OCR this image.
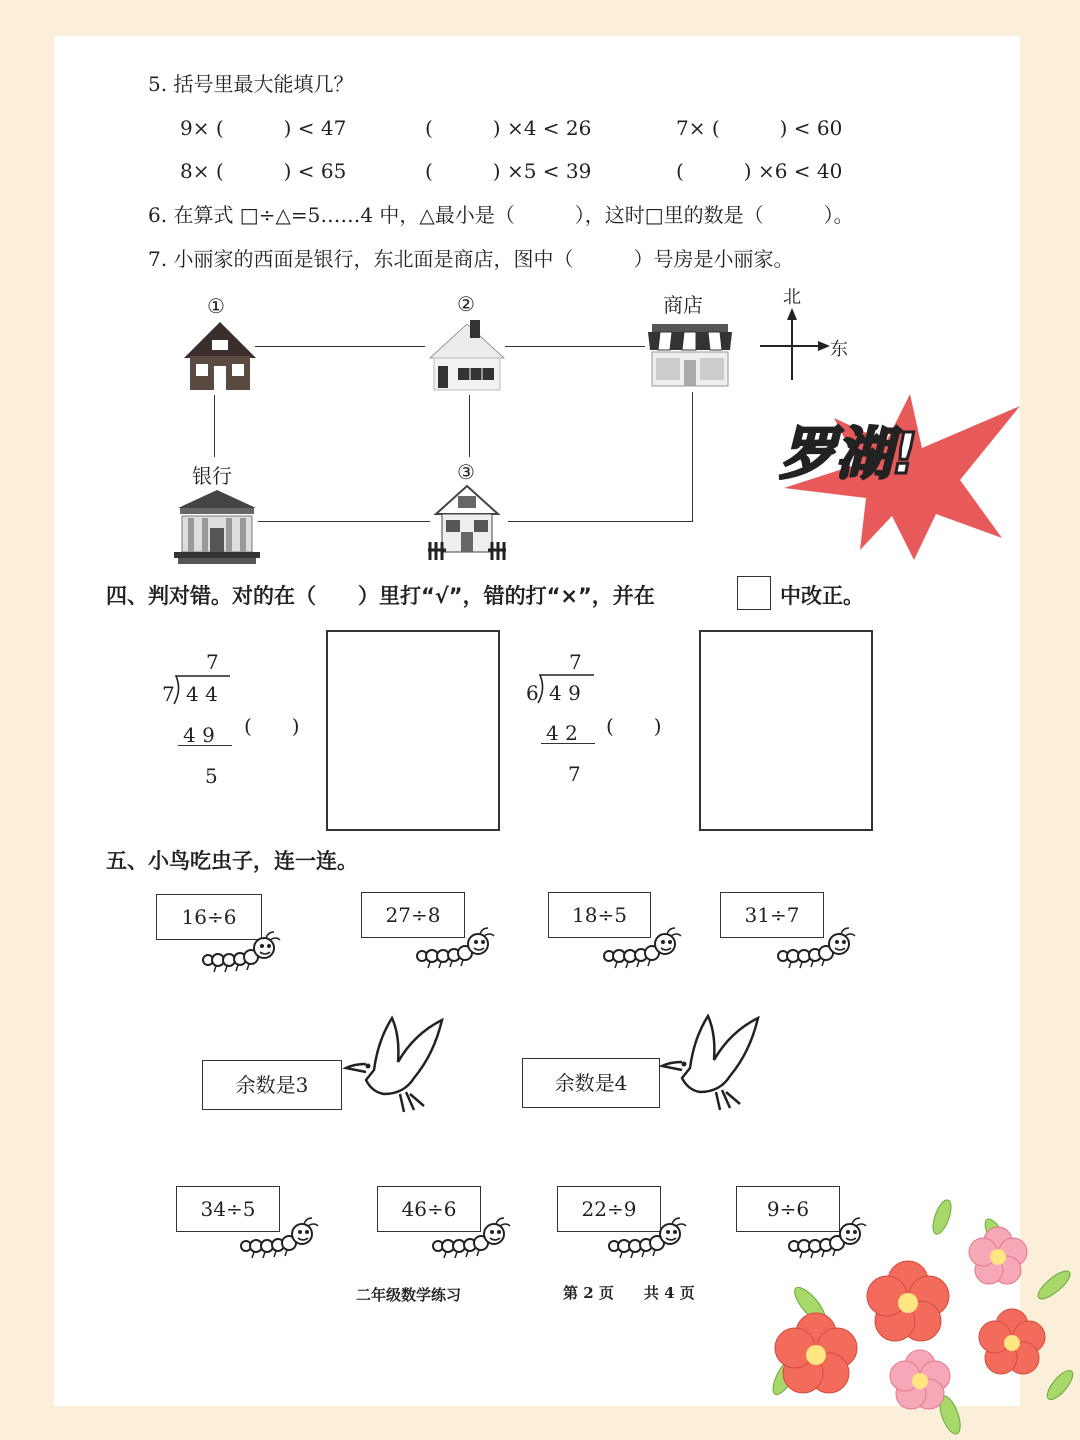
5. 括号里最大能填几？
9× (　　　) < 47	(　　　) ×4 < 26	7× (　　　) < 60
8× (　　　) < 65	(　　　) ×5 < 39	(　　　) ×6 < 40
6. 在算式 □÷△=5……4 中，△最小是（　　　），这时□里的数是（　　　）。
7. 小丽家的西面是银行，东北面是商店，图中（　　　）号房是小丽家。
①	②	商店
银行	③
北
东
罗湖!
四、判对错。对的在（　　）里打“√”，错的打“×”，并在	中改正。
7
7 4 4
4 9
5
(　　)
7
6 4 9
4 2
7
(　　)
五、小鸟吃虫子，连一连。
16÷6	27÷8	18÷5	31÷7
余数是3	余数是4
34÷5	46÷6	22÷9	9÷6
二年级数学练习	第 2 页　　共 4 页
